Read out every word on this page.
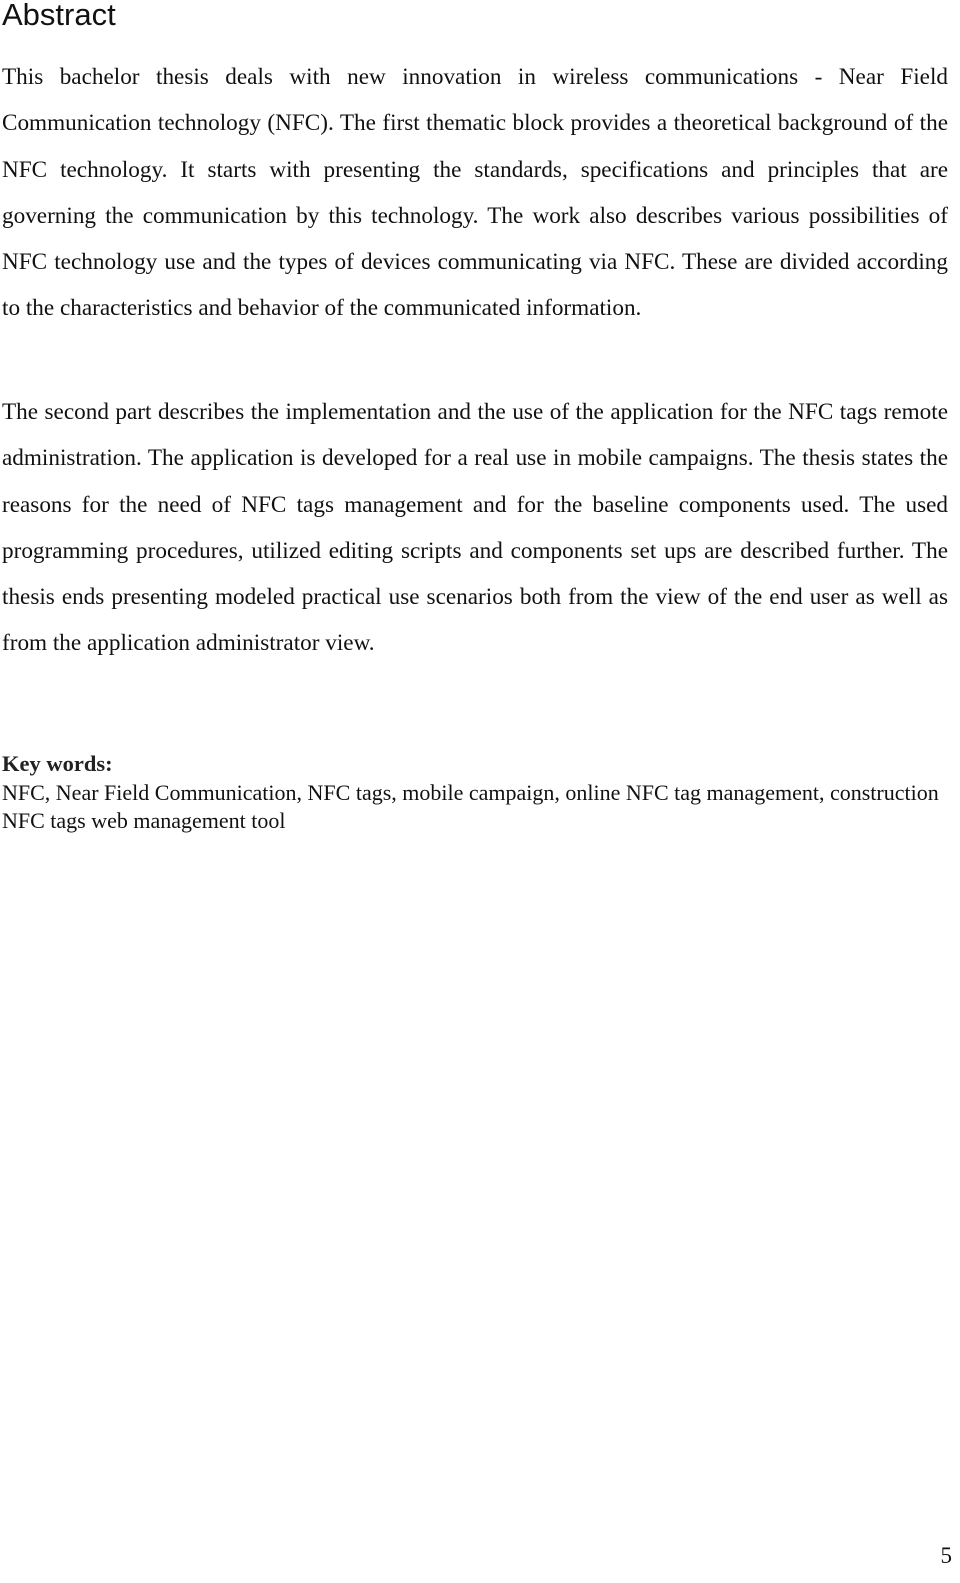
Abstract

This bachelor thesis deals with new innovation in wireless communications - Near Field Communication technology (NFC). The first thematic block provides a theoretical background of the NFC technology. It starts with presenting the standards, specifications and principles that are governing the communication by this technology. The work also describes various possibilities of NFC technology use and the types of devices communicating via NFC. These are divided according to the characteristics and behavior of the communicated information.

The second part describes the implementation and the use of the application for the NFC tags remote administration. The application is developed for a real use in mobile campaigns. The thesis states the reasons for the need of NFC tags management and for the baseline components used. The used programming procedures, utilized editing scripts and components set ups are described further. The thesis ends presenting modeled practical use scenarios both from the view of the end user as well as from the application administrator view.

Key words:

NFC, Near Field Communication, NFC tags, mobile campaign, online NFC tag management, construction NFC tags web management tool

5
